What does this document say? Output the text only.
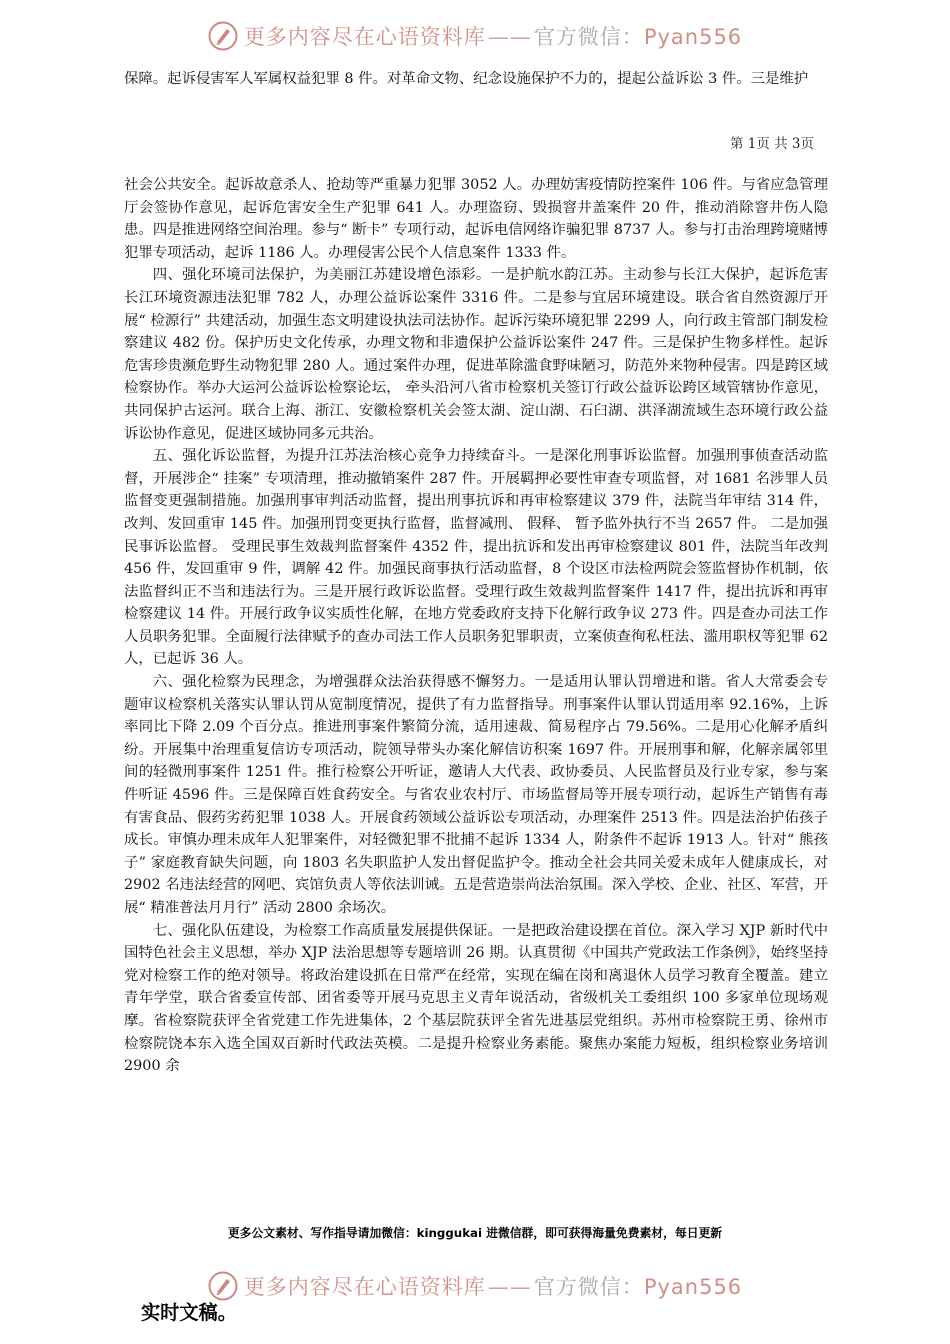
更多内容尽在心语资料库——官方微信：Pyan556

保障。起诉侵害军人军属权益犯罪 8 件。对革命文物、纪念设施保护不力的，提起公益诉讼 3 件。三是维护

第 1页 共 3页

社会公共安全。起诉故意杀人、抢劫等严重暴力犯罪 3052 人。办理妨害疫情防控案件 106 件。与省应急管理厅会签协作意见，起诉危害安全生产犯罪 641 人。办理盗窃、毁损窨井盖案件 20 件，推动消除窨井伤人隐患。四是推进网络空间治理。参与“ 断卡” 专项行动，起诉电信网络诈骗犯罪 8737 人。参与打击治理跨境赌博犯罪专项活动，起诉 1186 人。办理侵害公民个人信息案件 1333 件。

四、强化环境司法保护，为美丽江苏建设增色添彩。一是护航水韵江苏。主动参与长江大保护，起诉危害长江环境资源违法犯罪 782 人，办理公益诉讼案件 3316 件。二是参与宜居环境建设。联合省自然资源厅开展“ 检源行” 共建活动，加强生态文明建设执法司法协作。起诉污染环境犯罪 2299 人，向行政主管部门制发检察建议 482 份。保护历史文化传承，办理文物和非遗保护公益诉讼案件 247 件。三是保护生物多样性。起诉危害珍贵濒危野生动物犯罪 280 人。通过案件办理，促进革除滥食野味陋习，防范外来物种侵害。四是跨区域检察协作。举办大运河公益诉讼检察论坛， 牵头沿河八省市检察机关签订行政公益诉讼跨区域管辖协作意见， 共同保护古运河。联合上海、浙江、安徽检察机关会签太湖、淀山湖、石臼湖、洪泽湖流域生态环境行政公益诉讼协作意见，促进区域协同多元共治。

五、强化诉讼监督，为提升江苏法治核心竞争力持续奋斗。一是深化刑事诉讼监督。加强刑事侦查活动监督，开展涉企“ 挂案” 专项清理，推动撤销案件 287 件。开展羁押必要性审查专项监督，对 1681 名涉罪人员监督变更强制措施。加强刑事审判活动监督，提出刑事抗诉和再审检察建议 379 件，法院当年审结 314 件，改判、发回重审 145 件。加强刑罚变更执行监督，监督减刑、 假释、 暂予监外执行不当 2657 件。 二是加强民事诉讼监督。 受理民事生效裁判监督案件 4352 件，提出抗诉和发出再审检察建议 801 件，法院当年改判 456 件，发回重审 9 件，调解 42 件。加强民商事执行活动监督，8 个设区市法检两院会签监督协作机制，依法监督纠正不当和违法行为。三是开展行政诉讼监督。受理行政生效裁判监督案件 1417 件，提出抗诉和再审检察建议 14 件。开展行政争议实质性化解，在地方党委政府支持下化解行政争议 273 件。四是查办司法工作人员职务犯罪。全面履行法律赋予的查办司法工作人员职务犯罪职责，立案侦查徇私枉法、滥用职权等犯罪 62 人，已起诉 36 人。

六、强化检察为民理念，为增强群众法治获得感不懈努力。一是适用认罪认罚增进和谐。省人大常委会专题审议检察机关落实认罪认罚从宽制度情况，提供了有力监督指导。刑事案件认罪认罚适用率 92.16%，上诉率同比下降 2.09 个百分点。推进刑事案件繁简分流，适用速裁、简易程序占 79.56%。二是用心化解矛盾纠纷。开展集中治理重复信访专项活动，院领导带头办案化解信访积案 1697 件。开展刑事和解，化解亲属邻里间的轻微刑事案件 1251 件。推行检察公开听证，邀请人大代表、政协委员、人民监督员及行业专家，参与案件听证 4596 件。三是保障百姓食药安全。与省农业农村厅、市场监督局等开展专项行动，起诉生产销售有毒有害食品、假药劣药犯罪 1038 人。开展食药领域公益诉讼专项活动，办理案件 2513 件。四是法治护佑孩子成长。审慎办理未成年人犯罪案件，对轻微犯罪不批捕不起诉 1334 人，附条件不起诉 1913 人。针对“ 熊孩子” 家庭教育缺失问题，向 1803 名失职监护人发出督促监护令。推动全社会共同关爱未成年人健康成长，对 2902 名违法经营的网吧、宾馆负责人等依法训诫。五是营造崇尚法治氛围。深入学校、企业、社区、军营，开展“ 精准普法月月行” 活动 2800 余场次。

七、强化队伍建设，为检察工作高质量发展提供保证。一是把政治建设摆在首位。深入学习 XJP 新时代中国特色社会主义思想，举办 XJP 法治思想等专题培训 26 期。认真贯彻《中国共产党政法工作条例》，始终坚持党对检察工作的绝对领导。将政治建设抓在日常严在经常，实现在编在岗和离退休人员学习教育全覆盖。建立青年学堂，联合省委宣传部、团省委等开展马克思主义青年说活动，省级机关工委组织 100 多家单位现场观摩。省检察院获评全省党建工作先进集体，2 个基层院获评全省先进基层党组织。苏州市检察院王勇、徐州市检察院饶本东入选全国双百新时代政法英模。二是提升检察业务素能。聚焦办案能力短板，组织检察业务培训 2900 余

更多公文素材、写作指导请加微信：kinggukai 进微信群，即可获得海量免费素材，每日更新
更多内容尽在心语资料库——官方微信：Pyan556
实时文稿。
